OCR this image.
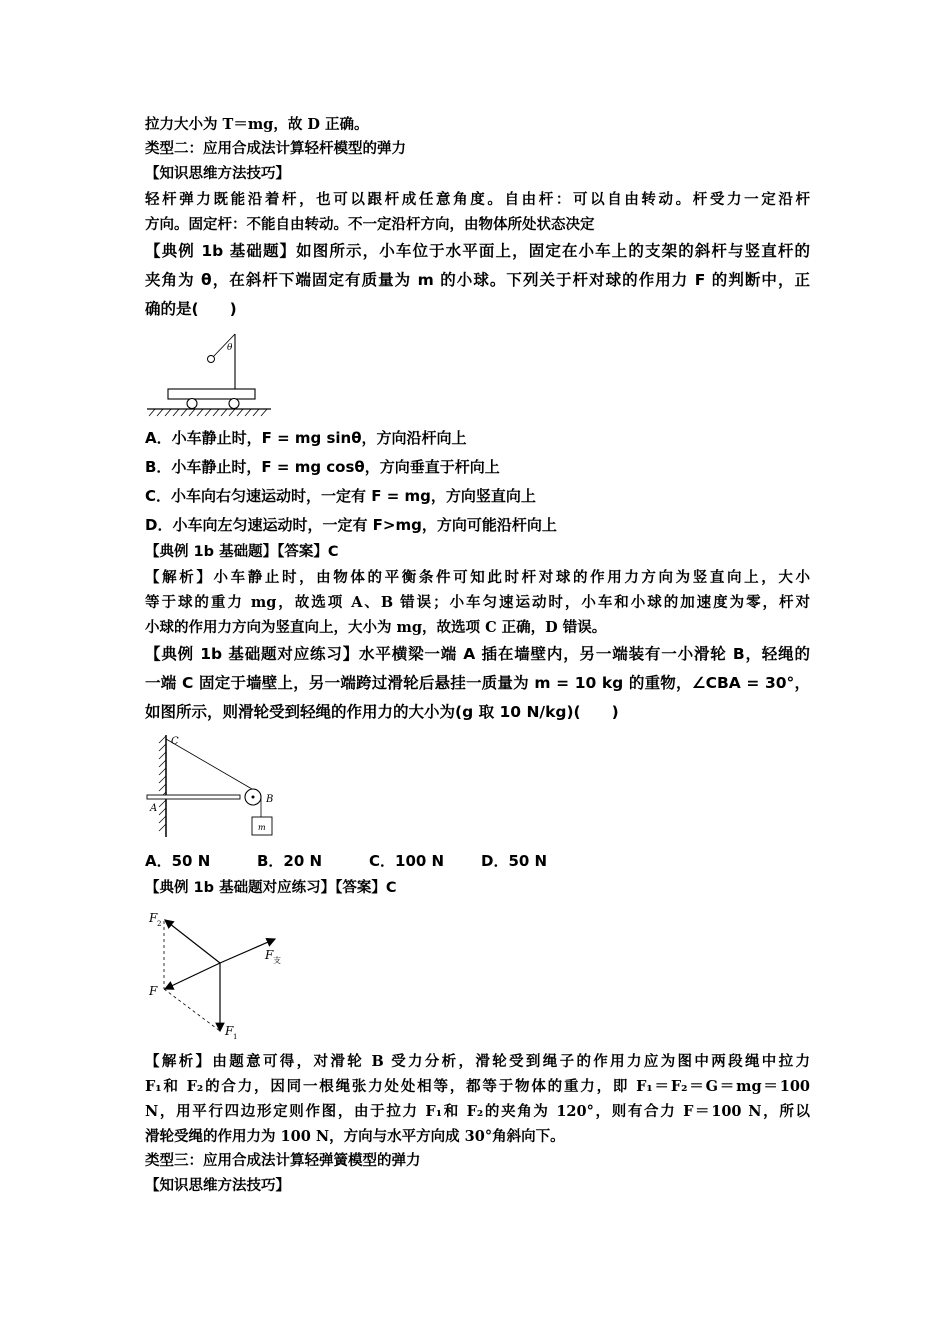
拉力大小为 T＝mg，故 D 正确。

类型二：应用合成法计算轻杆模型的弹力

【知识思维方法技巧】

轻杆弹力既能沿着杆，也可以跟杆成任意角度。自由杆：可以自由转动。杆受力一定沿杆

方向。固定杆：不能自由转动。不一定沿杆方向，由物体所处状态决定

【典例 1b 基础题】如图所示，小车位于水平面上，固定在小车上的支架的斜杆与竖直杆的

夹角为 θ，在斜杆下端固定有质量为 m 的小球。下列关于杆对球的作用力 F 的判断中，正

确的是(　　)

θ

A．小车静止时，F = mg sinθ，方向沿杆向上

B．小车静止时，F = mg cosθ，方向垂直于杆向上

C．小车向右匀速运动时，一定有 F = mg，方向竖直向上

D．小车向左匀速运动时，一定有 F>mg，方向可能沿杆向上

【典例 1b 基础题】【答案】C

【解析】小车静止时，由物体的平衡条件可知此时杆对球的作用力方向为竖直向上，大小

等于球的重力 mg，故选项 A、B 错误；小车匀速运动时，小车和小球的加速度为零，杆对

小球的作用力方向为竖直向上，大小为 mg，故选项 C 正确，D 错误。

【典例 1b 基础题对应练习】水平横梁一端 A 插在墙壁内，另一端装有一小滑轮 B，轻绳的

一端 C 固定于墙壁上，另一端跨过滑轮后悬挂一质量为 m = 10 kg 的重物，∠CBA = 30°，

如图所示，则滑轮受到轻绳的作用力的大小为(g 取 10 N/kg)(　　)

m
C
A
B
A．50 N	B．20 N	C．100 N	D．50 N

【典例 1b 基础题对应练习】【答案】C

F 2
F 支
F
F 1

【解析】由题意可得，对滑轮 B 受力分析，滑轮受到绳子的作用力应为图中两段绳中拉力

F₁和 F₂的合力，因同一根绳张力处处相等，都等于物体的重力，即 F₁＝F₂＝G＝mg＝100

N，用平行四边形定则作图，由于拉力 F₁和 F₂的夹角为 120°，则有合力 F＝100 N，所以

滑轮受绳的作用力为 100 N，方向与水平方向成 30°角斜向下。

类型三：应用合成法计算轻弹簧模型的弹力

【知识思维方法技巧】
